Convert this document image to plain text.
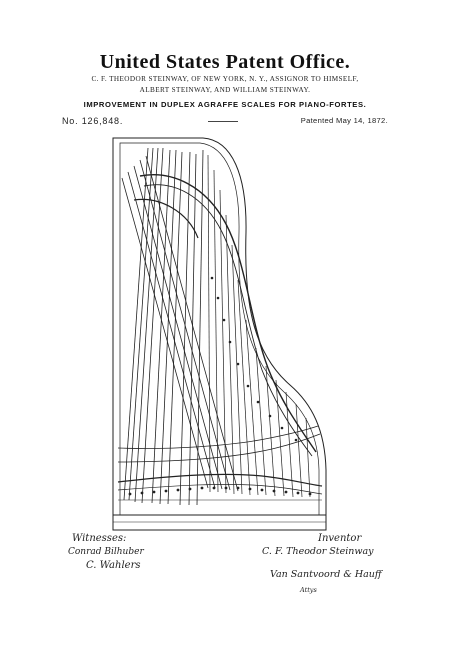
United States Patent Office.
C. F. THEODOR STEINWAY, OF NEW YORK, N. Y., ASSIGNOR TO HIMSELF,
ALBERT STEINWAY, AND WILLIAM STEINWAY.
IMPROVEMENT IN DUPLEX AGRAFFE SCALES FOR PIANO-FORTES.
No. 126,848.	Patented May 14, 1872.
Witnesses:	Inventor
Conrad Bilhuber
C. Wahlers
C. F. Theodor Steinway
Van Santvoord & Hauff
Attys
